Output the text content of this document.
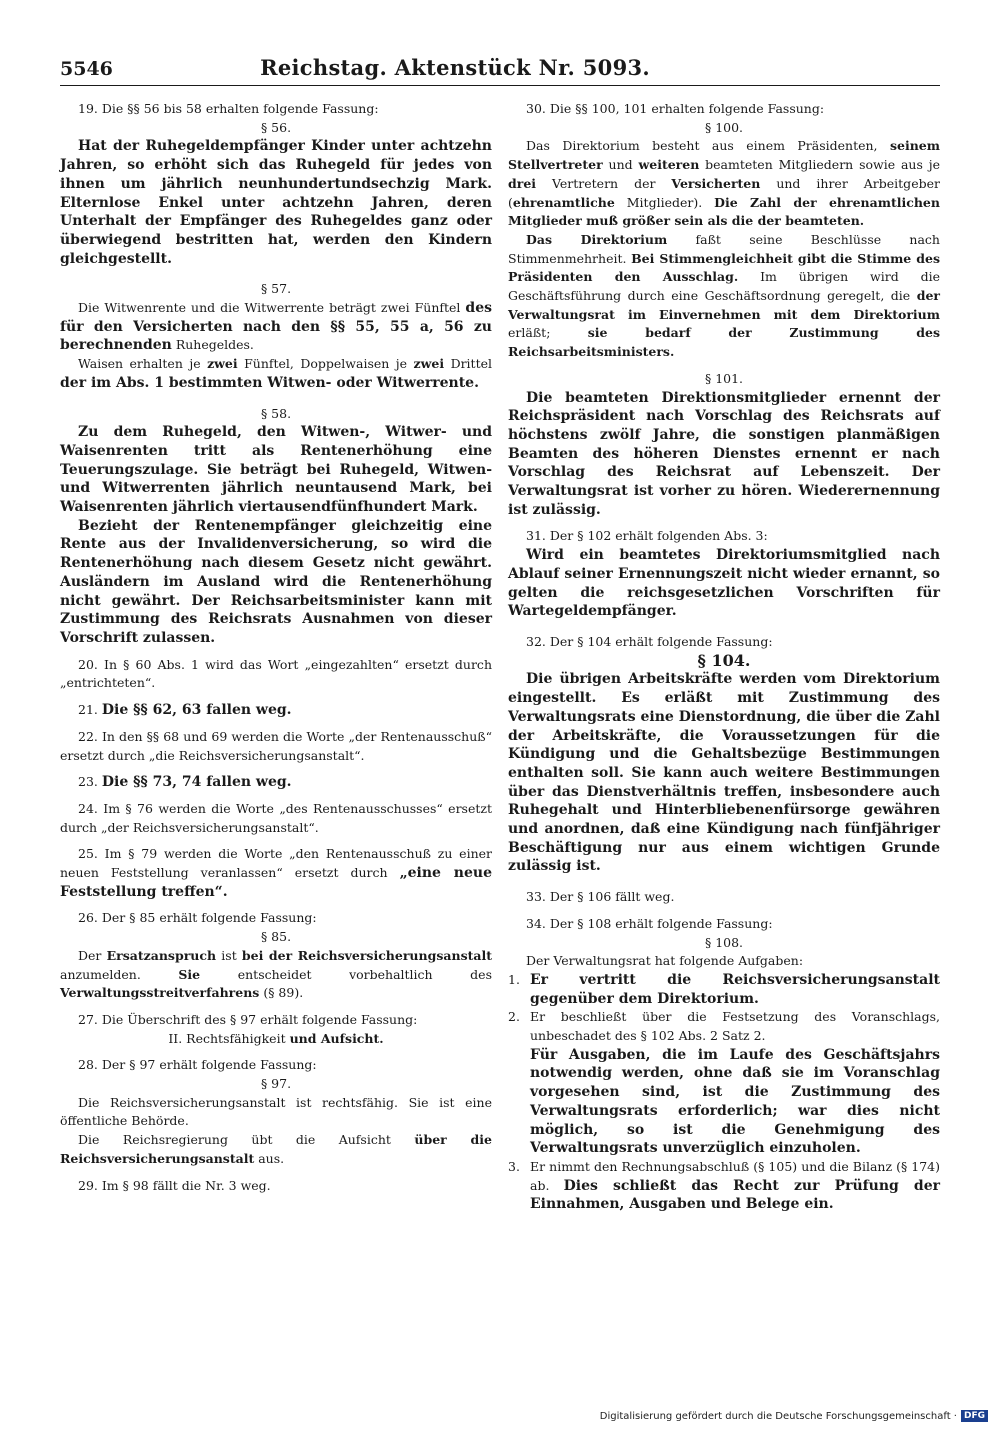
5546	Reichstag. Aktenstück Nr. 5093.

19. Die §§ 56 bis 58 erhalten folgende Fassung:

§ 56.

Hat der Ruhegeldempfänger Kinder unter achtzehn Jahren, so erhöht sich das Ruhegeld für jedes von ihnen um jährlich neunhundertundsechzig Mark. Elternlose Enkel unter achtzehn Jahren, deren Unterhalt der Empfänger des Ruhegeldes ganz oder überwiegend bestritten hat, werden den Kindern gleichgestellt.

§ 57.

Die Witwenrente und die Witwerrente beträgt zwei Fünftel des für den Versicherten nach den §§ 55, 55 a, 56 zu berechnenden Ruhegeldes.

Waisen erhalten je zwei Fünftel, Doppelwaisen je zwei Drittel der im Abs. 1 bestimmten Witwen- oder Witwerrente.

§ 58.

Zu dem Ruhegeld, den Witwen-, Witwer- und Waisenrenten tritt als Rentenerhöhung eine Teuerungszulage. Sie beträgt bei Ruhegeld, Witwen- und Witwerrenten jährlich neuntausend Mark, bei Waisenrenten jährlich viertausendfünfhundert Mark.

Bezieht der Rentenempfänger gleichzeitig eine Rente aus der Invalidenversicherung, so wird die Rentenerhöhung nach diesem Gesetz nicht gewährt. Ausländern im Ausland wird die Rentenerhöhung nicht gewährt. Der Reichsarbeitsminister kann mit Zustimmung des Reichsrats Ausnahmen von dieser Vorschrift zulassen.

20. In § 60 Abs. 1 wird das Wort „eingezahlten“ ersetzt durch „entrichteten“.

21. Die §§ 62, 63 fallen weg.

22. In den §§ 68 und 69 werden die Worte „der Rentenausschuß“ ersetzt durch „die Reichsversicherungsanstalt“.

23. Die §§ 73, 74 fallen weg.

24. Im § 76 werden die Worte „des Rentenausschusses“ ersetzt durch „der Reichsversicherungsanstalt“.

25. Im § 79 werden die Worte „den Rentenausschuß zu einer neuen Feststellung veranlassen“ ersetzt durch „eine neue Feststellung treffen“.

26. Der § 85 erhält folgende Fassung:

§ 85.

Der Ersatzanspruch ist bei der Reichsversicherungsanstalt anzumelden.	Sie	entscheidet vorbehaltlich des Verwaltungsstreitverfahrens (§ 89).

27. Die Überschrift des § 97 erhält folgende Fassung:

II. Rechtsfähigkeit und Aufsicht.

28. Der § 97 erhält folgende Fassung:

§ 97.

Die Reichsversicherungsanstalt ist rechtsfähig. Sie ist eine öffentliche Behörde.

Die Reichsregierung übt die Aufsicht über die Reichsversicherungsanstalt aus.

29. Im § 98 fällt die Nr. 3 weg.

30. Die §§ 100, 101 erhalten folgende Fassung:

§ 100.

Das Direktorium besteht aus einem Präsidenten, seinem Stellvertreter und weiteren beamteten Mitgliedern sowie aus je drei Vertretern der Versicherten und ihrer Arbeitgeber (ehrenamtliche Mitglieder). Die Zahl der ehrenamtlichen Mitglieder muß größer sein als die der beamteten.

Das Direktorium faßt seine Beschlüsse nach Stimmenmehrheit. Bei Stimmengleichheit gibt die Stimme des Präsidenten den Ausschlag. Im übrigen wird die Geschäftsführung durch eine Geschäftsordnung geregelt, die der Verwaltungsrat im Einvernehmen mit dem Direktorium erläßt;	sie bedarf der Zustimmung des Reichsarbeitsministers.

§ 101.

Die beamteten Direktionsmitglieder ernennt der Reichspräsident nach Vorschlag des Reichsrats auf höchstens zwölf Jahre, die sonstigen planmäßigen Beamten des höheren Dienstes ernennt er nach Vorschlag des Reichsrat auf Lebenszeit. Der Verwaltungsrat ist vorher zu hören. Wiederernennung ist zulässig.

31. Der § 102 erhält folgenden Abs. 3:

Wird ein beamtetes Direktoriumsmitglied nach Ablauf seiner Ernennungszeit nicht wieder ernannt, so gelten die reichsgesetzlichen Vorschriften für Wartegeldempfänger.

32. Der § 104 erhält folgende Fassung:

§ 104.

Die übrigen Arbeitskräfte werden vom Direktorium eingestellt. Es erläßt mit Zustimmung des Verwaltungsrats eine Dienstordnung, die über die Zahl der Arbeitskräfte, die Voraussetzungen für die Kündigung und die Gehaltsbezüge Bestimmungen enthalten soll. Sie kann auch weitere Bestimmungen über das Dienstverhältnis treffen, insbesondere auch Ruhegehalt und Hinterbliebenenfürsorge gewähren und anordnen, daß eine Kündigung nach fünfjähriger Beschäftigung nur aus einem wichtigen Grunde zulässig ist.

33. Der § 106 fällt weg.

34. Der § 108 erhält folgende Fassung:

§ 108.

Der Verwaltungsrat hat folgende Aufgaben:

1. Er vertritt die Reichsversicherungsanstalt gegenüber dem Direktorium.
2. Er beschließt über die Festsetzung des Voranschlags, unbeschadet des § 102 Abs. 2 Satz 2.
Für Ausgaben, die im Laufe des Geschäftsjahrs notwendig werden, ohne daß sie im Voranschlag vorgesehen sind, ist die Zustimmung des Verwaltungsrats erforderlich; war dies nicht möglich, so ist die Genehmigung des Verwaltungsrats unverzüglich einzuholen.
3. Er nimmt den Rechnungsabschluß (§ 105) und die Bilanz (§ 174) ab. Dies schließt das Recht zur Prüfung der Einnahmen, Ausgaben und Belege ein.
Digitalisierung gefördert durch die Deutsche Forschungsgemeinschaft · DFG
